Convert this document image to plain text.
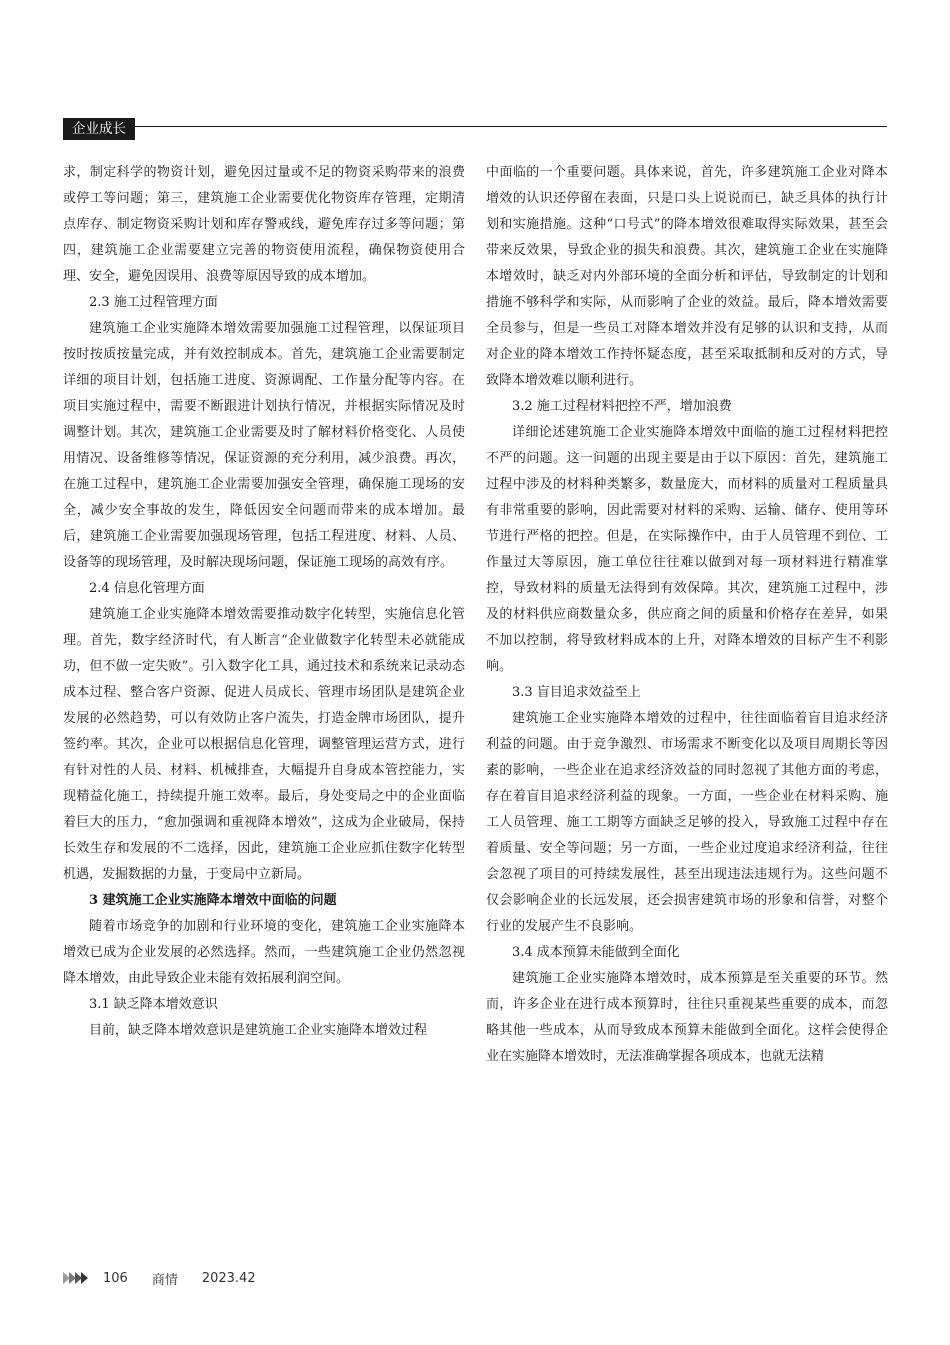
企业成长

求，制定科学的物资计划，避免因过量或不足的物资采购带来的浪费或停工等问题；第三，建筑施工企业需要优化物资库存管理，定期清点库存、制定物资采购计划和库存警戒线，避免库存过多等问题；第四，建筑施工企业需要建立完善的物资使用流程，确保物资使用合理、安全，避免因误用、浪费等原因导致的成本增加。

2.3 施工过程管理方面

建筑施工企业实施降本增效需要加强施工过程管理，以保证项目按时按质按量完成，并有效控制成本。首先，建筑施工企业需要制定详细的项目计划，包括施工进度、资源调配、工作量分配等内容。在项目实施过程中，需要不断跟进计划执行情况，并根据实际情况及时调整计划。其次，建筑施工企业需要及时了解材料价格变化、人员使用情况、设备维修等情况，保证资源的充分利用，减少浪费。再次，在施工过程中，建筑施工企业需要加强安全管理，确保施工现场的安全，减少安全事故的发生，降低因安全问题而带来的成本增加。最后，建筑施工企业需要加强现场管理，包括工程进度、材料、人员、设备等的现场管理，及时解决现场问题，保证施工现场的高效有序。

2.4 信息化管理方面

建筑施工企业实施降本增效需要推动数字化转型，实施信息化管理。首先，数字经济时代，有人断言“企业做数字化转型未必就能成功，但不做一定失败”。引入数字化工具，通过技术和系统来记录动态成本过程、整合客户资源、促进人员成长、管理市场团队是建筑企业发展的必然趋势，可以有效防止客户流失，打造金牌市场团队，提升签约率。其次，企业可以根据信息化管理，调整管理运营方式，进行有针对性的人员、材料、机械排查，大幅提升自身成本管控能力，实现精益化施工，持续提升施工效率。最后，身处变局之中的企业面临着巨大的压力，“愈加强调和重视降本增效”，这成为企业破局，保持长效生存和发展的不二选择，因此，建筑施工企业应抓住数字化转型机遇，发掘数据的力量，于变局中立新局。

3 建筑施工企业实施降本增效中面临的问题

随着市场竞争的加剧和行业环境的变化，建筑施工企业实施降本增效已成为企业发展的必然选择。然而，一些建筑施工企业仍然忽视降本增效，由此导致企业未能有效拓展利润空间。

3.1 缺乏降本增效意识

目前，缺乏降本增效意识是建筑施工企业实施降本增效过程

中面临的一个重要问题。具体来说，首先，许多建筑施工企业对降本增效的认识还停留在表面，只是口头上说说而已，缺乏具体的执行计划和实施措施。这种“口号式”的降本增效很难取得实际效果，甚至会带来反效果，导致企业的损失和浪费。其次，建筑施工企业在实施降本增效时，缺乏对内外部环境的全面分析和评估，导致制定的计划和措施不够科学和实际，从而影响了企业的效益。最后，降本增效需要全员参与，但是一些员工对降本增效并没有足够的认识和支持，从而对企业的降本增效工作持怀疑态度，甚至采取抵制和反对的方式，导致降本增效难以顺利进行。

3.2 施工过程材料把控不严，增加浪费

详细论述建筑施工企业实施降本增效中面临的施工过程材料把控不严的问题。这一问题的出现主要是由于以下原因：首先，建筑施工过程中涉及的材料种类繁多，数量庞大，而材料的质量对工程质量具有非常重要的影响，因此需要对材料的采购、运输、储存、使用等环节进行严格的把控。但是，在实际操作中，由于人员管理不到位、工作量过大等原因，施工单位往往难以做到对每一项材料进行精准掌控，导致材料的质量无法得到有效保障。其次，建筑施工过程中，涉及的材料供应商数量众多，供应商之间的质量和价格存在差异，如果不加以控制，将导致材料成本的上升，对降本增效的目标产生不利影响。

3.3 盲目追求效益至上

建筑施工企业实施降本增效的过程中，往往面临着盲目追求经济利益的问题。由于竞争激烈、市场需求不断变化以及项目周期长等因素的影响，一些企业在追求经济效益的同时忽视了其他方面的考虑，存在着盲目追求经济利益的现象。一方面，一些企业在材料采购、施工人员管理、施工工期等方面缺乏足够的投入，导致施工过程中存在着质量、安全等问题；另一方面，一些企业过度追求经济利益，往往会忽视了项目的可持续发展性，甚至出现违法违规行为。这些问题不仅会影响企业的长远发展，还会损害建筑市场的形象和信誉，对整个行业的发展产生不良影响。

3.4 成本预算未能做到全面化

建筑施工企业实施降本增效时，成本预算是至关重要的环节。然而，许多企业在进行成本预算时，往往只重视某些重要的成本，而忽略其他一些成本，从而导致成本预算未能做到全面化。这样会使得企业在实施降本增效时，无法准确掌握各项成本，也就无法精

106 商情 2023.42
